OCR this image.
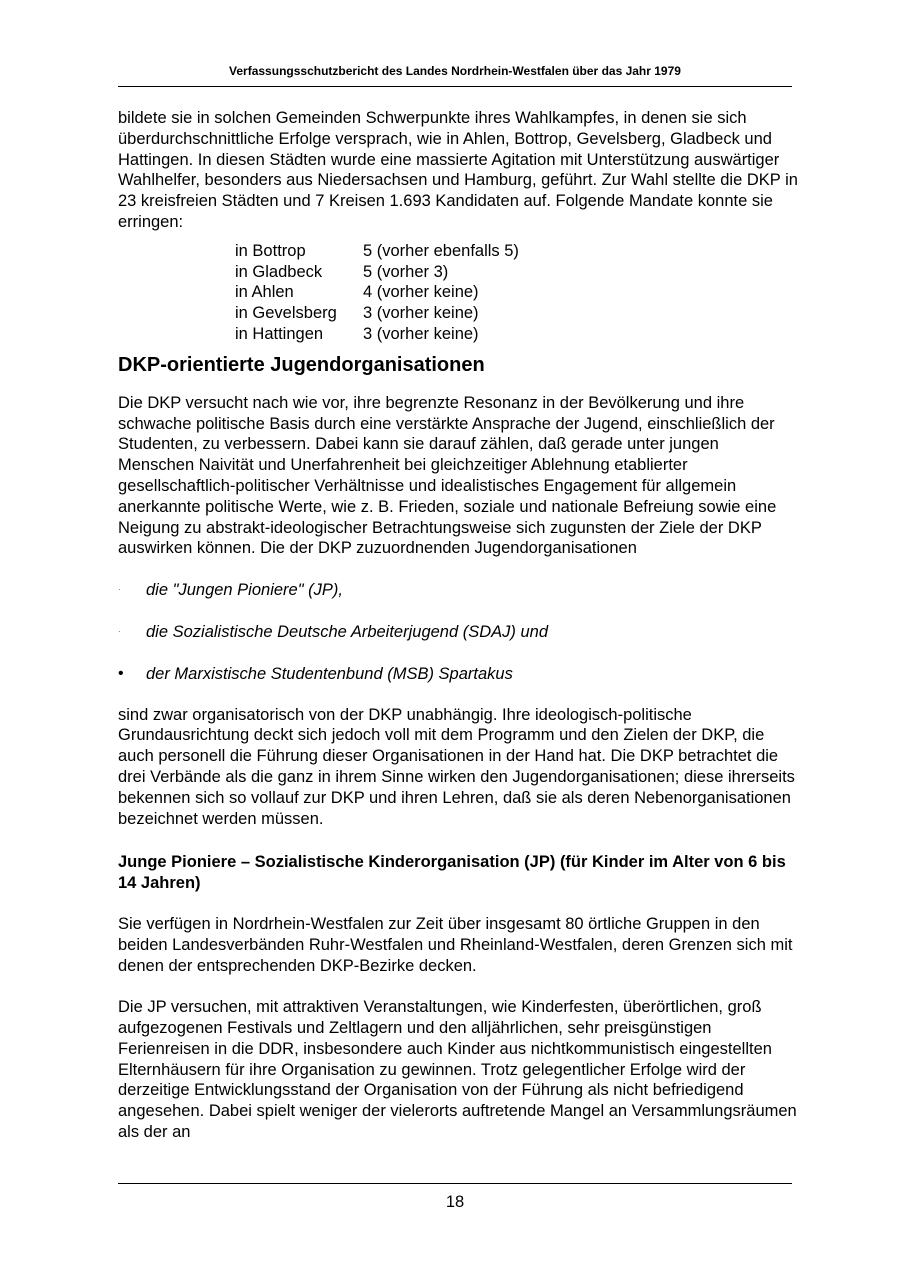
Verfassungsschutzbericht des Landes Nordrhein-Westfalen über das Jahr 1979

bildete sie in solchen Gemeinden Schwerpunkte ihres Wahlkampfes, in denen sie sich überdurchschnittliche Erfolge versprach, wie in Ahlen, Bottrop, Gevelsberg, Gladbeck und Hattingen. In diesen Städten wurde eine massierte Agitation mit Unterstützung auswärtiger Wahlhelfer, besonders aus Niedersachsen und Hamburg, geführt. Zur Wahl stellte die DKP in 23 kreisfreien Städten und 7 Kreisen 1.693 Kandidaten auf. Folgende Mandate konnte sie erringen:

in Bottrop	5 (vorher ebenfalls 5)
in Gladbeck	5 (vorher 3)
in Ahlen	4 (vorher keine)
in Gevelsberg	3 (vorher keine)
in Hattingen	3 (vorher keine)
DKP-orientierte Jugendorganisationen

Die DKP versucht nach wie vor, ihre begrenzte Resonanz in der Bevölkerung und ihre schwache politische Basis durch eine verstärkte Ansprache der Jugend, einschließlich der Studenten, zu verbessern. Dabei kann sie darauf zählen, daß gerade unter jungen Menschen Naivität und Unerfahrenheit bei gleichzeitiger Ablehnung etablierter gesellschaftlich-politischer Verhältnisse und idealistisches Engagement für allgemein anerkannte politische Werte, wie z. B. Frieden, soziale und nationale Befreiung sowie eine Neigung zu abstrakt-ideologischer Betrachtungsweise sich zugunsten der Ziele der DKP auswirken können. Die der DKP zuzuordnenden Jugendorganisationen

· die "Jungen Pioniere" (JP),
· die Sozialistische Deutsche Arbeiterjugend (SDAJ) und
• der Marxistische Studentenbund (MSB) Spartakus

sind zwar organisatorisch von der DKP unabhängig. Ihre ideologisch-politische Grundausrichtung deckt sich jedoch voll mit dem Programm und den Zielen der DKP, die auch personell die Führung dieser Organisationen in der Hand hat. Die DKP betrachtet die drei Verbände als die ganz in ihrem Sinne wirken den Jugendorganisationen; diese ihrerseits bekennen sich so vollauf zur DKP und ihren Lehren, daß sie als deren Nebenorganisationen bezeichnet werden müssen.

Junge Pioniere – Sozialistische Kinderorganisation (JP) (für Kinder im Alter von 6 bis 14 Jahren)

Sie verfügen in Nordrhein-Westfalen zur Zeit über insgesamt 80 örtliche Gruppen in den beiden Landesverbänden Ruhr-Westfalen und Rheinland-Westfalen, deren Grenzen sich mit denen der entsprechenden DKP-Bezirke decken.

Die JP versuchen, mit attraktiven Veranstaltungen, wie Kinderfesten, überörtlichen, groß aufgezogenen Festivals und Zeltlagern und den alljährlichen, sehr preisgünstigen Ferienreisen in die DDR, insbesondere auch Kinder aus nichtkommunistisch eingestellten Elternhäusern für ihre Organisation zu gewinnen. Trotz gelegentlicher Erfolge wird der derzeitige Entwicklungsstand der Organisation von der Führung als nicht befriedigend angesehen. Dabei spielt weniger der vielerorts auftretende Mangel an Versammlungsräumen als der an

18
